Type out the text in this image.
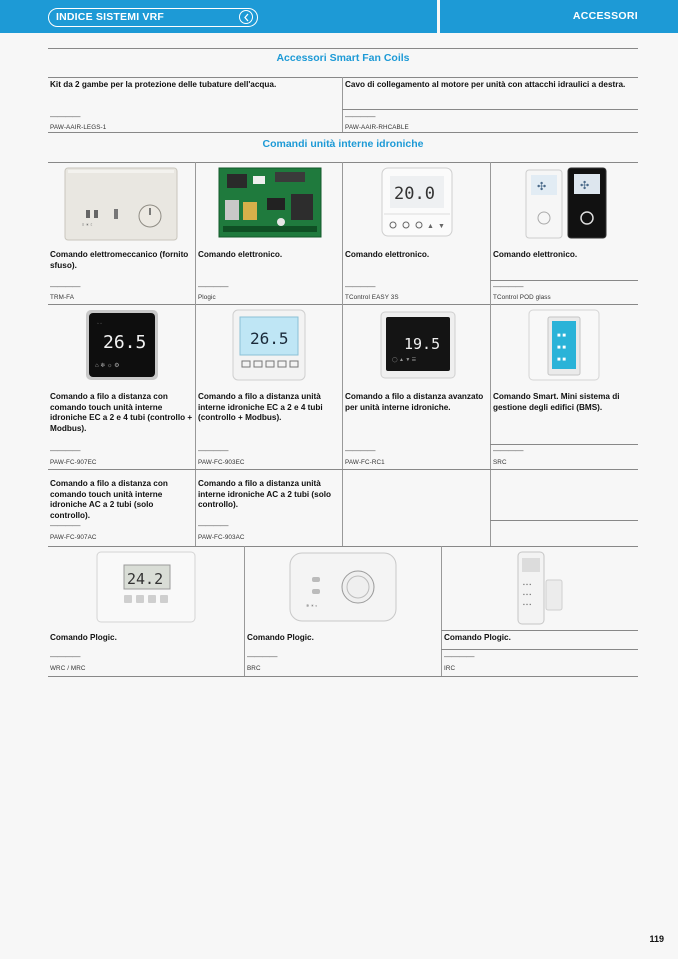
INDICE SISTEMI VRF	ACCESSORI
Accessori Smart Fan Coils
Kit da 2 gambe per la protezione delle tubature dell'acqua.
————
PAW-AAIR-LEGS-1
Cavo di collegamento al motore per unità con attacchi idraulici a destra.
————
PAW-AAIR-RHCABLE
Comandi unità interne idroniche
≡ ☀ ☾
20.0
▲ ▼
✣	✣
Comando elettromeccanico (fornito sfuso).
————
TRM-FA
Comando elettronico.
————
Plogic
Comando elettronico.
————
TControl EASY 3S
Comando elettronico.
————
TControl POD glass
26.5
◦ ◦
⌂ ❄ ☼ ⚙
26.5	19.5
◯ ▲ ▼ ☰
■ ■
■ ■
■ ■
Comando a filo a distanza con comando touch unità interne idroniche EC a 2 e 4 tubi (controllo + Modbus).
————
PAW-FC-907EC
Comando a filo a distanza unità interne idroniche EC a 2 e 4 tubi (controllo + Modbus).
————
PAW-FC-903EC
Comando a filo a distanza avanzato per unità interne idroniche.
————
PAW-FC-RC1
Comando Smart. Mini sistema di gestione degli edifici (BMS).
————
SRC
Comando a filo a distanza con comando touch unità interne idroniche AC a 2 tubi (solo controllo).
————
PAW-FC-907AC
Comando a filo a distanza unità interne idroniche AC a 2 tubi (solo controllo).
————
PAW-FC-903AC
24.2
❄ ☀ ◐
▪ ▪ ▪
▪ ▪ ▪
▪ ▪ ▪
Comando Plogic.
————
WRC / MRC
Comando Plogic.
————
BRC
Comando Plogic.
————
IRC
119
